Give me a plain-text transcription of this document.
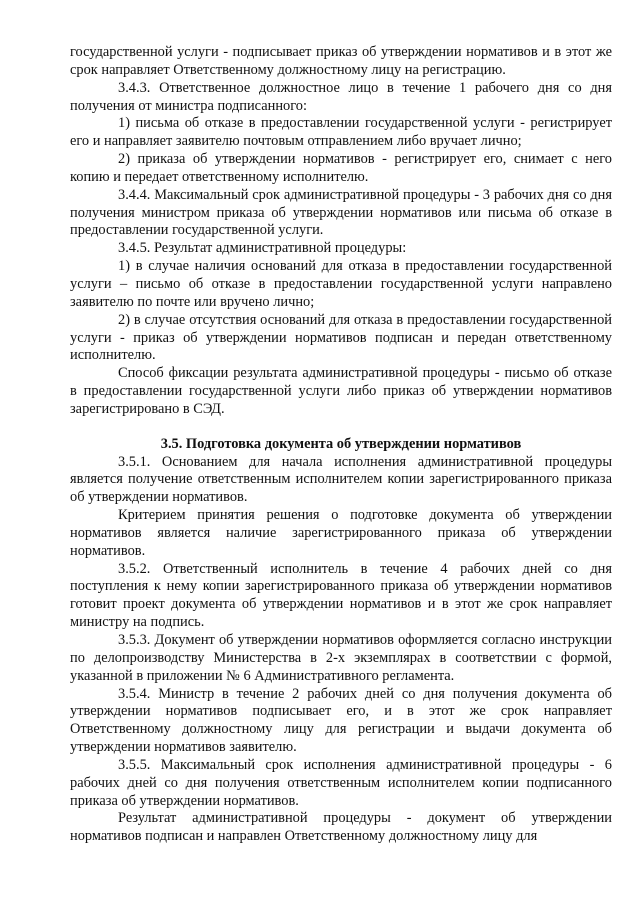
государственной услуги - подписывает приказ об утверждении нормативов и в этот же срок направляет Ответственному должностному лицу на регистрацию.

3.4.3. Ответственное должностное лицо в течение 1 рабочего дня со дня получения от министра подписанного:

1) письма об отказе в предоставлении государственной услуги - регистрирует его и направляет заявителю почтовым отправлением либо вручает лично;

2) приказа об утверждении нормативов - регистрирует его, снимает с него копию и передает ответственному исполнителю.

3.4.4. Максимальный срок административной процедуры - 3 рабочих дня со дня получения министром приказа об утверждении нормативов или письма об отказе в предоставлении государственной услуги.

3.4.5. Результат административной процедуры:

1) в случае наличия оснований для отказа в предоставлении государственной услуги – письмо об отказе в предоставлении государственной услуги направлено заявителю по почте или вручено лично;

2) в случае отсутствия оснований для отказа в предоставлении государственной услуги - приказ об утверждении нормативов подписан и передан ответственному исполнителю.

Способ фиксации результата административной процедуры - письмо об отказе в предоставлении государственной услуги либо приказ об утверждении нормативов зарегистрировано в СЭД.

3.5. Подготовка документа об утверждении нормативов

3.5.1. Основанием для начала исполнения административной процедуры является получение ответственным исполнителем копии зарегистрированного приказа об утверждении нормативов.

Критерием принятия решения о подготовке документа об утверждении нормативов является наличие зарегистрированного приказа об утверждении нормативов.

3.5.2. Ответственный исполнитель в течение 4 рабочих дней со дня поступления к нему копии зарегистрированного приказа об утверждении нормативов готовит проект документа об утверждении нормативов и в этот же срок направляет министру на подпись.

3.5.3. Документ об утверждении нормативов оформляется согласно инструкции по делопроизводству Министерства в 2-х экземплярах в соответствии с формой, указанной в приложении № 6 Административного регламента.

3.5.4. Министр в течение 2 рабочих дней со дня получения документа об утверждении нормативов подписывает его, и в этот же срок направляет Ответственному должностному лицу для регистрации и выдачи документа об утверждении нормативов заявителю.

3.5.5. Максимальный срок исполнения административной процедуры - 6 рабочих дней со дня получения ответственным исполнителем копии подписанного приказа об утверждении нормативов.

Результат административной процедуры - документ об утверждении нормативов подписан и направлен Ответственному должностному лицу для
